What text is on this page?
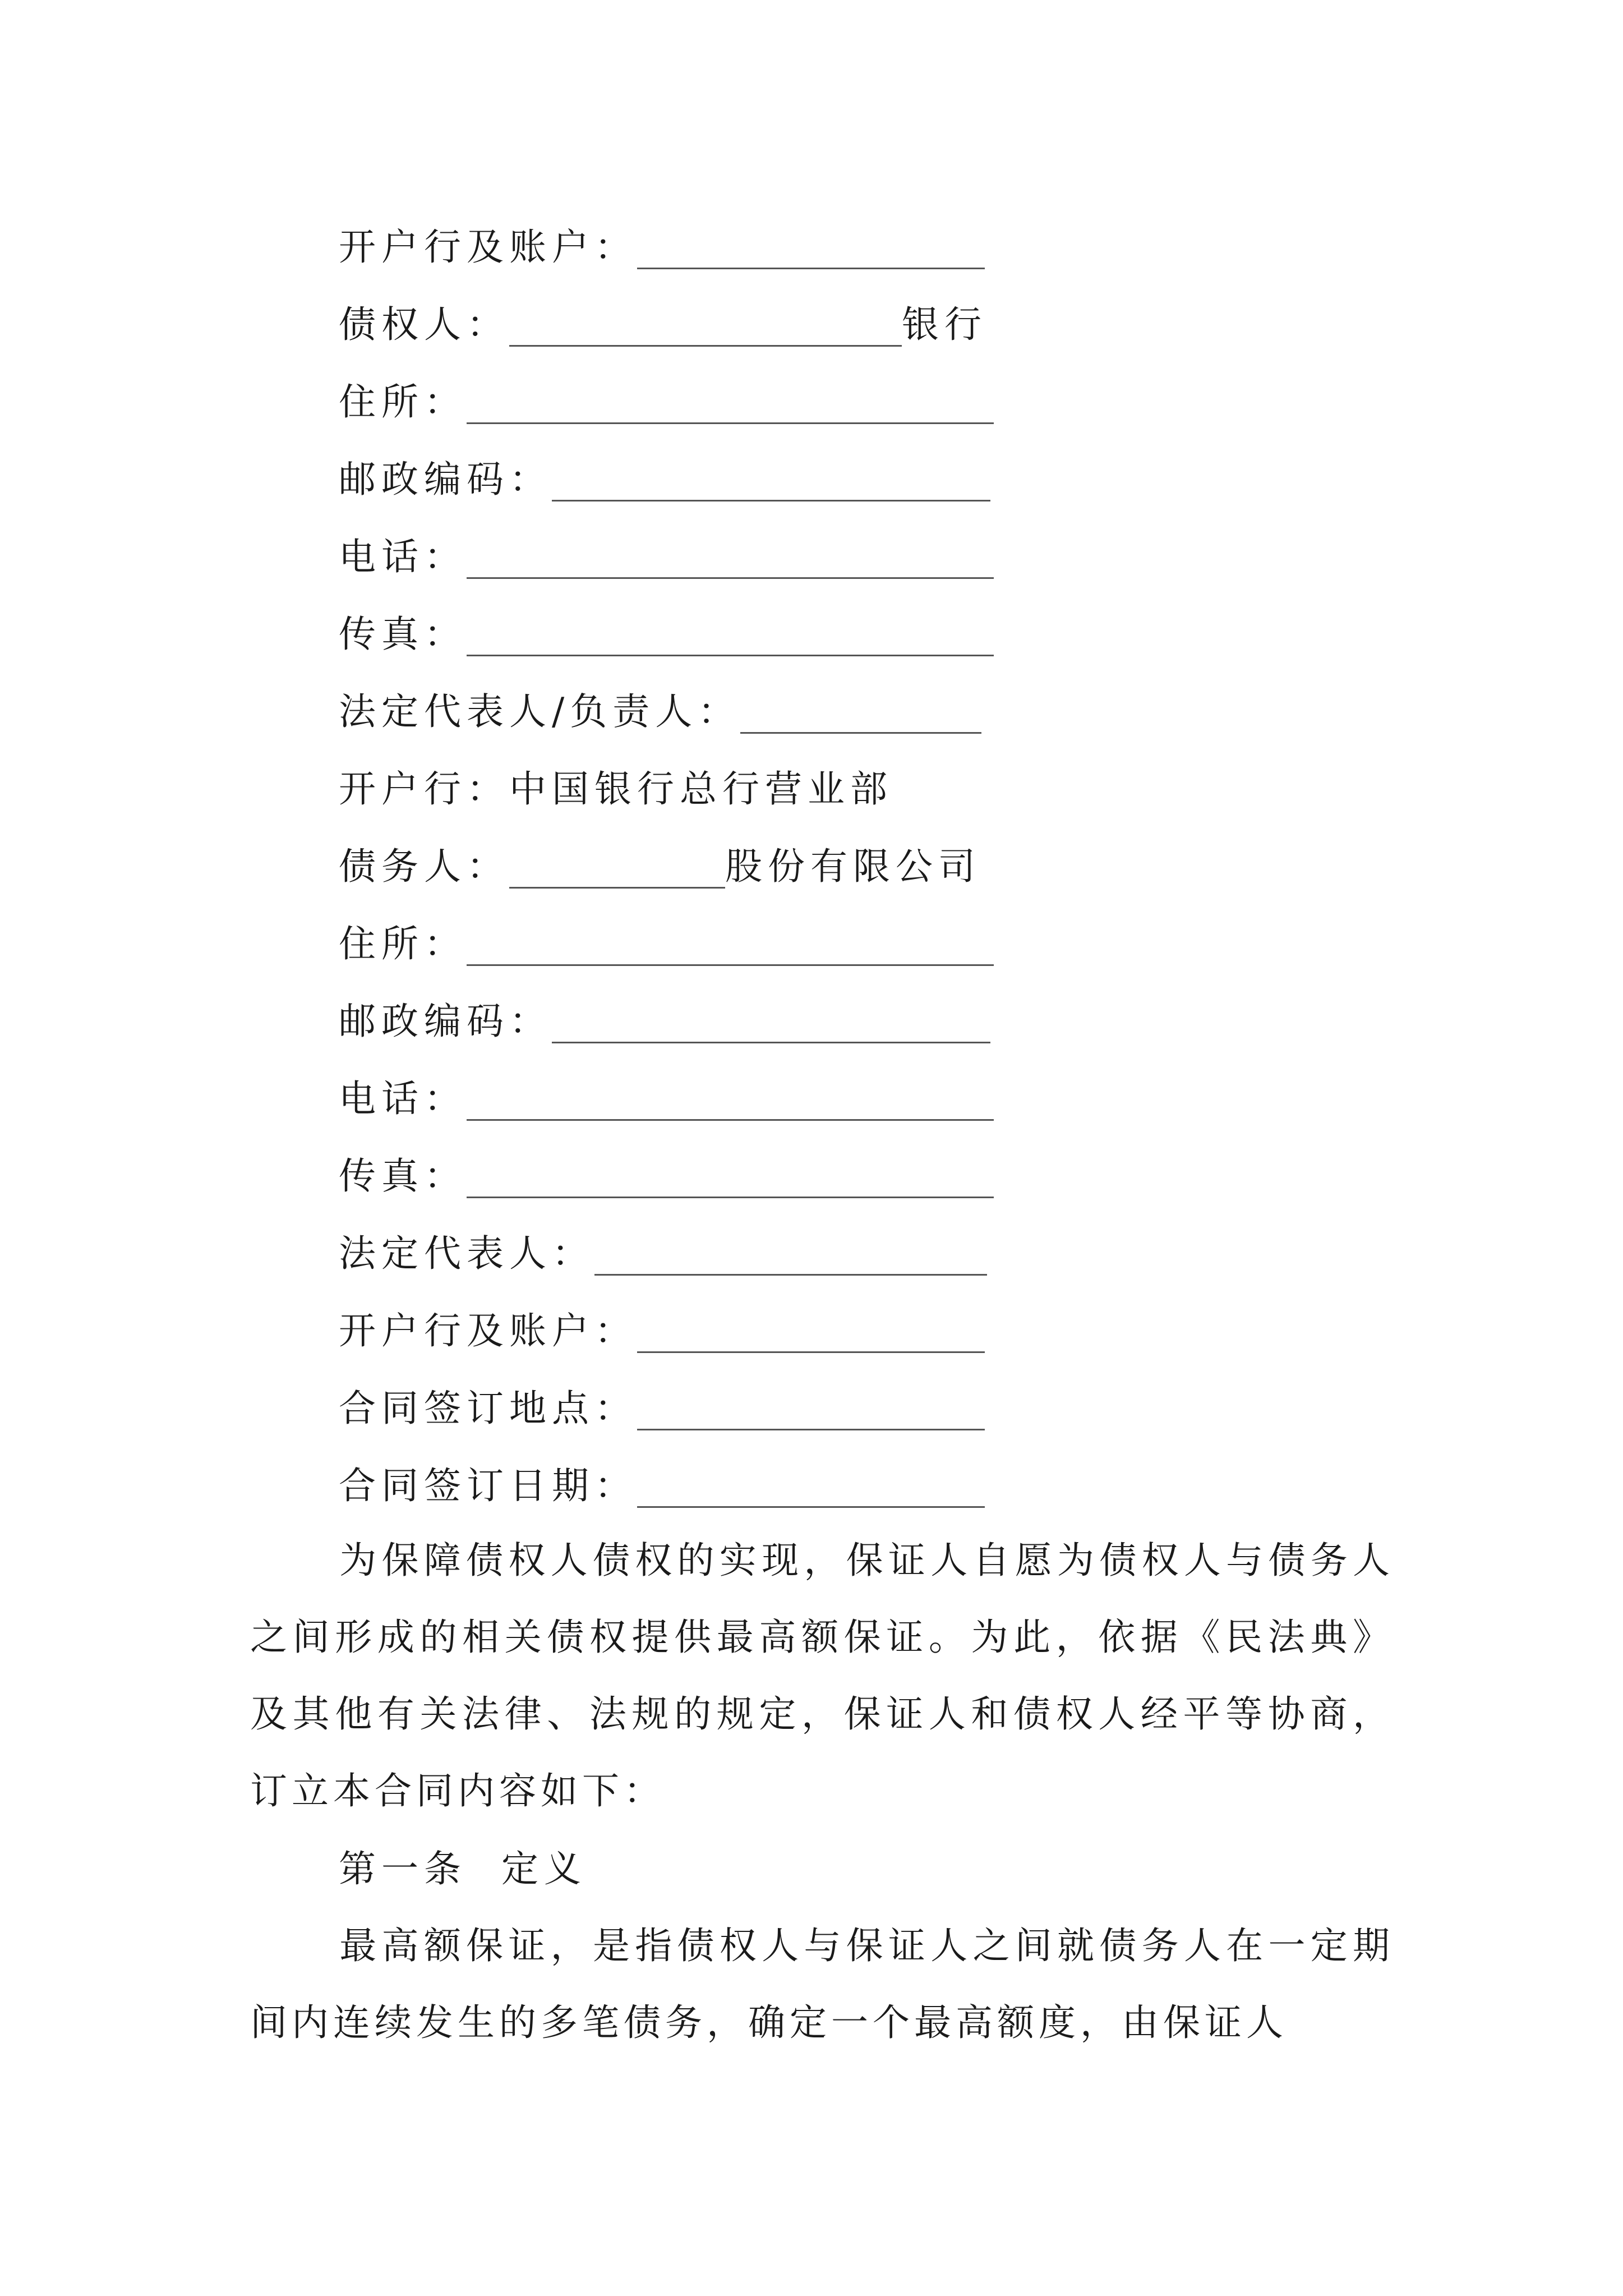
开户行及账户：
债权人：	银行
住所：
邮政编码：
电话：
传真：
法定代表人/负责人：
开户行：中国银行总行营业部
债务人：	股份有限公司
住所：
邮政编码：
电话：
传真：
法定代表人：
开户行及账户：
合同签订地点：
合同签订日期：

为保障债权人债权的实现，保证人自愿为债权人与债务人之间形成的相关债权提供最高额保证。为此，依据《民法典》及其他有关法律、法规的规定，保证人和债权人经平等协商，订立本合同内容如下：

第一条  定义

最高额保证，是指债权人与保证人之间就债务人在一定期间内连续发生的多笔债务，确定一个最高额度，由保证人
